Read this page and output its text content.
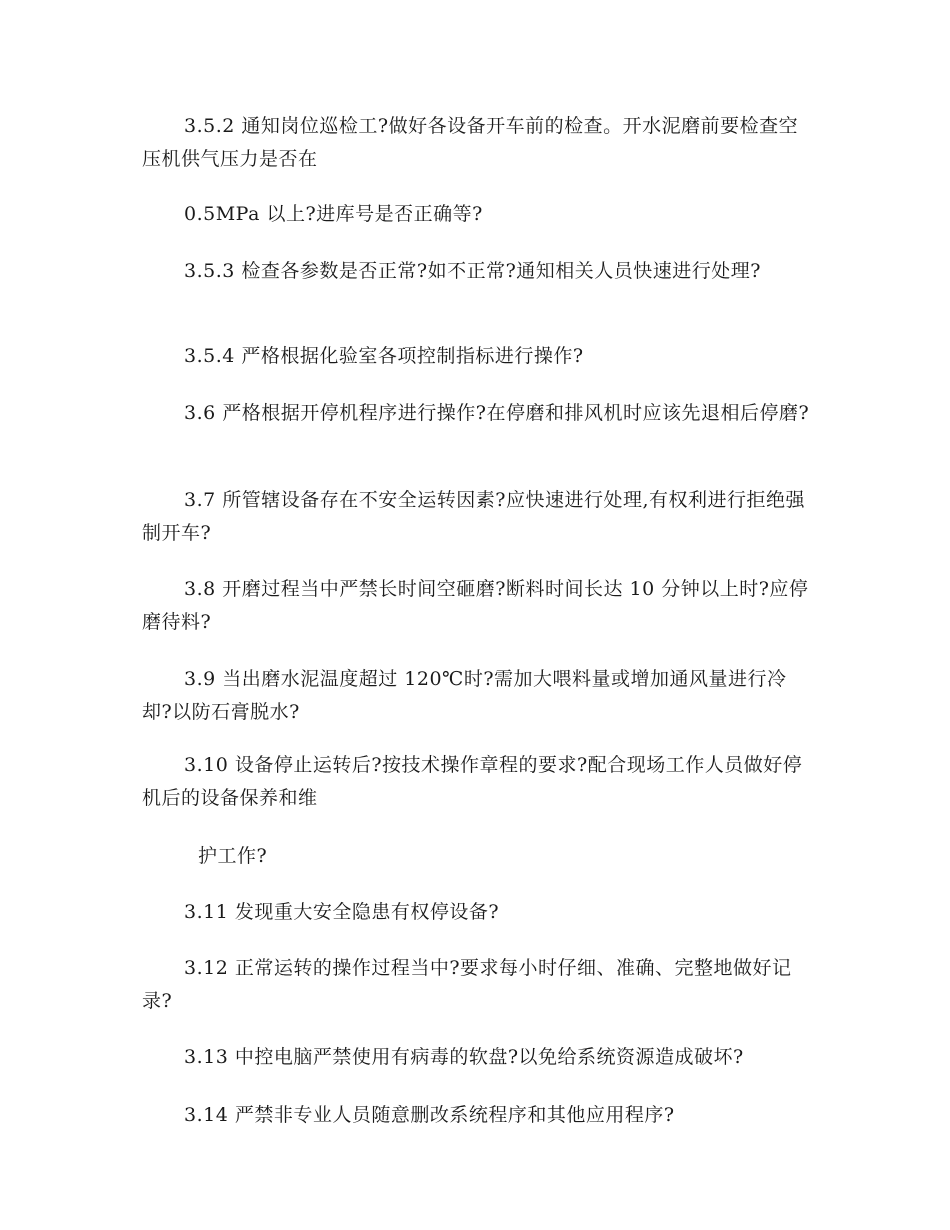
3.5.2 通知岗位巡检工?做好各设备开车前的检查。开水泥磨前要检查空压机供气压力是否在

0.5MPa 以上?进库号是否正确等?

3.5.3 检查各参数是否正常?如不正常?通知相关人员快速进行处理?

3.5.4 严格根据化验室各项控制指标进行操作?

3.6 严格根据开停机程序进行操作?在停磨和排风机时应该先退相后停磨?

3.7 所管辖设备存在不安全运转因素?应快速进行处理,有权利进行拒绝强制开车?

3.8 开磨过程当中严禁长时间空砸磨?断料时间长达 10 分钟以上时?应停磨待料?

3.9 当出磨水泥温度超过 120℃时?需加大喂料量或增加通风量进行冷却?以防石膏脱水?

3.10 设备停止运转后?按技术操作章程的要求?配合现场工作人员做好停机后的设备保养和维

护工作?

3.11 发现重大安全隐患有权停设备?

3.12 正常运转的操作过程当中?要求每小时仔细、准确、完整地做好记录?

3.13 中控电脑严禁使用有病毒的软盘?以免给系统资源造成破坏?

3.14 严禁非专业人员随意删改系统程序和其他应用程序?
